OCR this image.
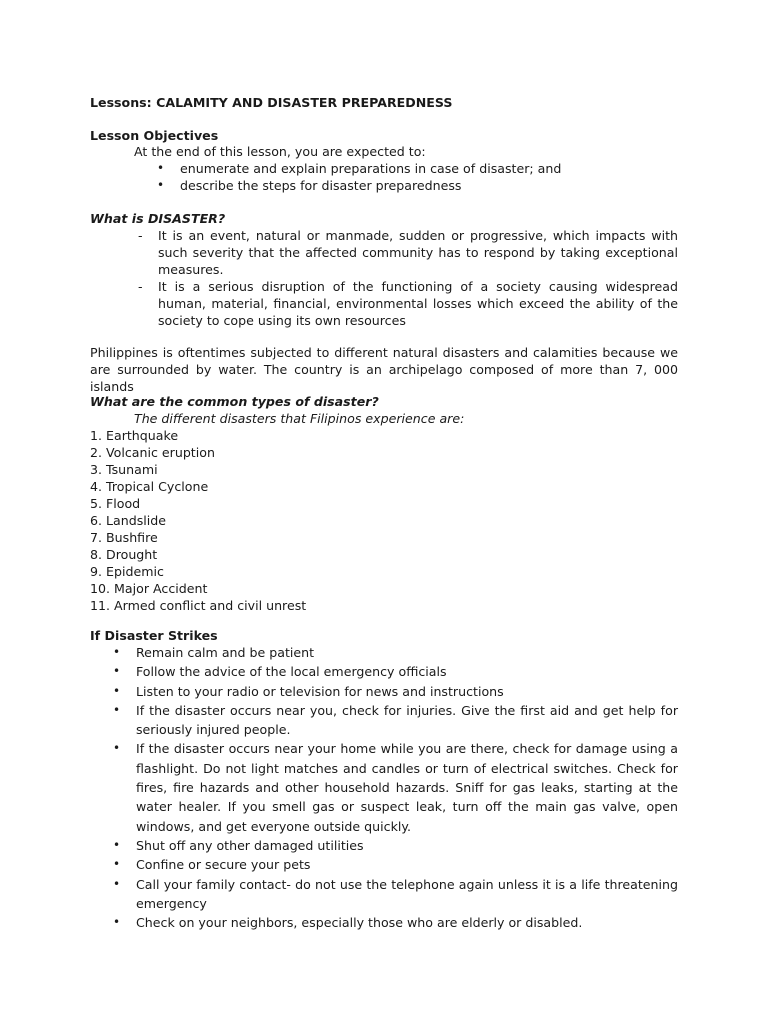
Lessons: CALAMITY AND DISASTER PREPAREDNESS
Lesson Objectives
At the end of this lesson, you are expected to:
• enumerate and explain preparations in case of disaster; and
• describe the steps for disaster preparedness
What is DISASTER?
- It is an event, natural or manmade, sudden or progressive, which impacts with such severity that the affected community has to respond by taking exceptional measures.
- It is a serious disruption of the functioning of a society causing widespread human, material, financial, environmental losses which exceed the ability of the society to cope using its own resources
Philippines is oftentimes subjected to different natural disasters and calamities because we are surrounded by water. The country is an archipelago composed of more than 7, 000 islands
What are the common types of disaster?
The different disasters that Filipinos experience are:
1. Earthquake
2. Volcanic eruption
3. Tsunami
4. Tropical Cyclone
5. Flood
6. Landslide
7. Bushfire
8. Drought
9. Epidemic
10. Major Accident
11. Armed conflict and civil unrest
If Disaster Strikes
• Remain calm and be patient
• Follow the advice of the local emergency officials
• Listen to your radio or television for news and instructions
• If the disaster occurs near you, check for injuries. Give the first aid and get help for seriously injured people.
• If the disaster occurs near your home while you are there, check for damage using a flashlight. Do not light matches and candles or turn of electrical switches. Check for fires, fire hazards and other household hazards. Sniff for gas leaks, starting at the water healer. If you smell gas or suspect leak, turn off the main gas valve, open windows, and get everyone outside quickly.
• Shut off any other damaged utilities
• Confine or secure your pets
• Call your family contact- do not use the telephone again unless it is a life threatening emergency
• Check on your neighbors, especially those who are elderly or disabled.
